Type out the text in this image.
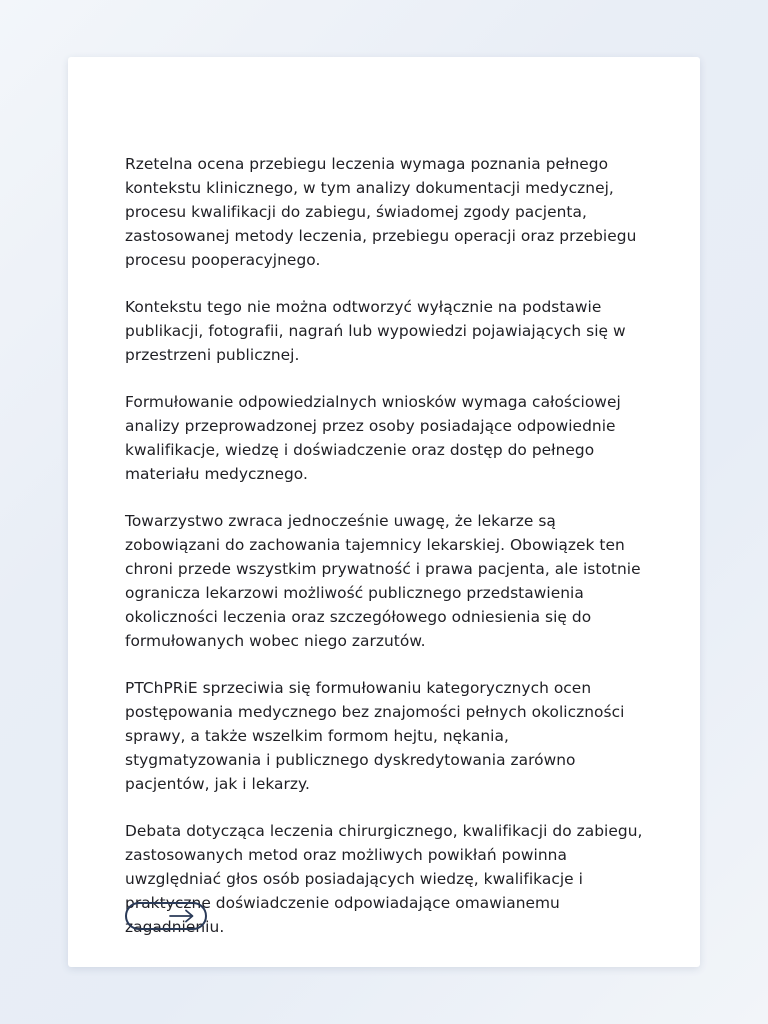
Rzetelna ocena przebiegu leczenia wymaga poznania pełnego kontekstu klinicznego, w tym analizy dokumentacji medycznej, procesu kwalifikacji do zabiegu, świadomej zgody pacjenta, zastosowanej metody leczenia, przebiegu operacji oraz przebiegu procesu pooperacyjnego.

Kontekstu tego nie można odtworzyć wyłącznie na podstawie publikacji, fotografii, nagrań lub wypowiedzi pojawiających się w przestrzeni publicznej.

Formułowanie odpowiedzialnych wniosków wymaga całościowej analizy przeprowadzonej przez osoby posiadające odpowiednie kwalifikacje, wiedzę i doświadczenie oraz dostęp do pełnego materiału medycznego.

Towarzystwo zwraca jednocześnie uwagę, że lekarze są zobowiązani do zachowania tajemnicy lekarskiej. Obowiązek ten chroni przede wszystkim prywatność i prawa pacjenta, ale istotnie ogranicza lekarzowi możliwość publicznego przedstawienia okoliczności leczenia oraz szczegółowego odniesienia się do formułowanych wobec niego zarzutów.

PTChPRiE sprzeciwia się formułowaniu kategorycznych ocen postępowania medycznego bez znajomości pełnych okoliczności sprawy, a także wszelkim formom hejtu, nękania, stygmatyzowania i publicznego dyskredytowania zarówno pacjentów, jak i lekarzy.

Debata dotycząca leczenia chirurgicznego, kwalifikacji do zabiegu, zastosowanych metod oraz możliwych powikłań powinna uwzględniać głos osób posiadających wiedzę, kwalifikacje i praktyczne doświadczenie odpowiadające omawianemu zagadnieniu.
